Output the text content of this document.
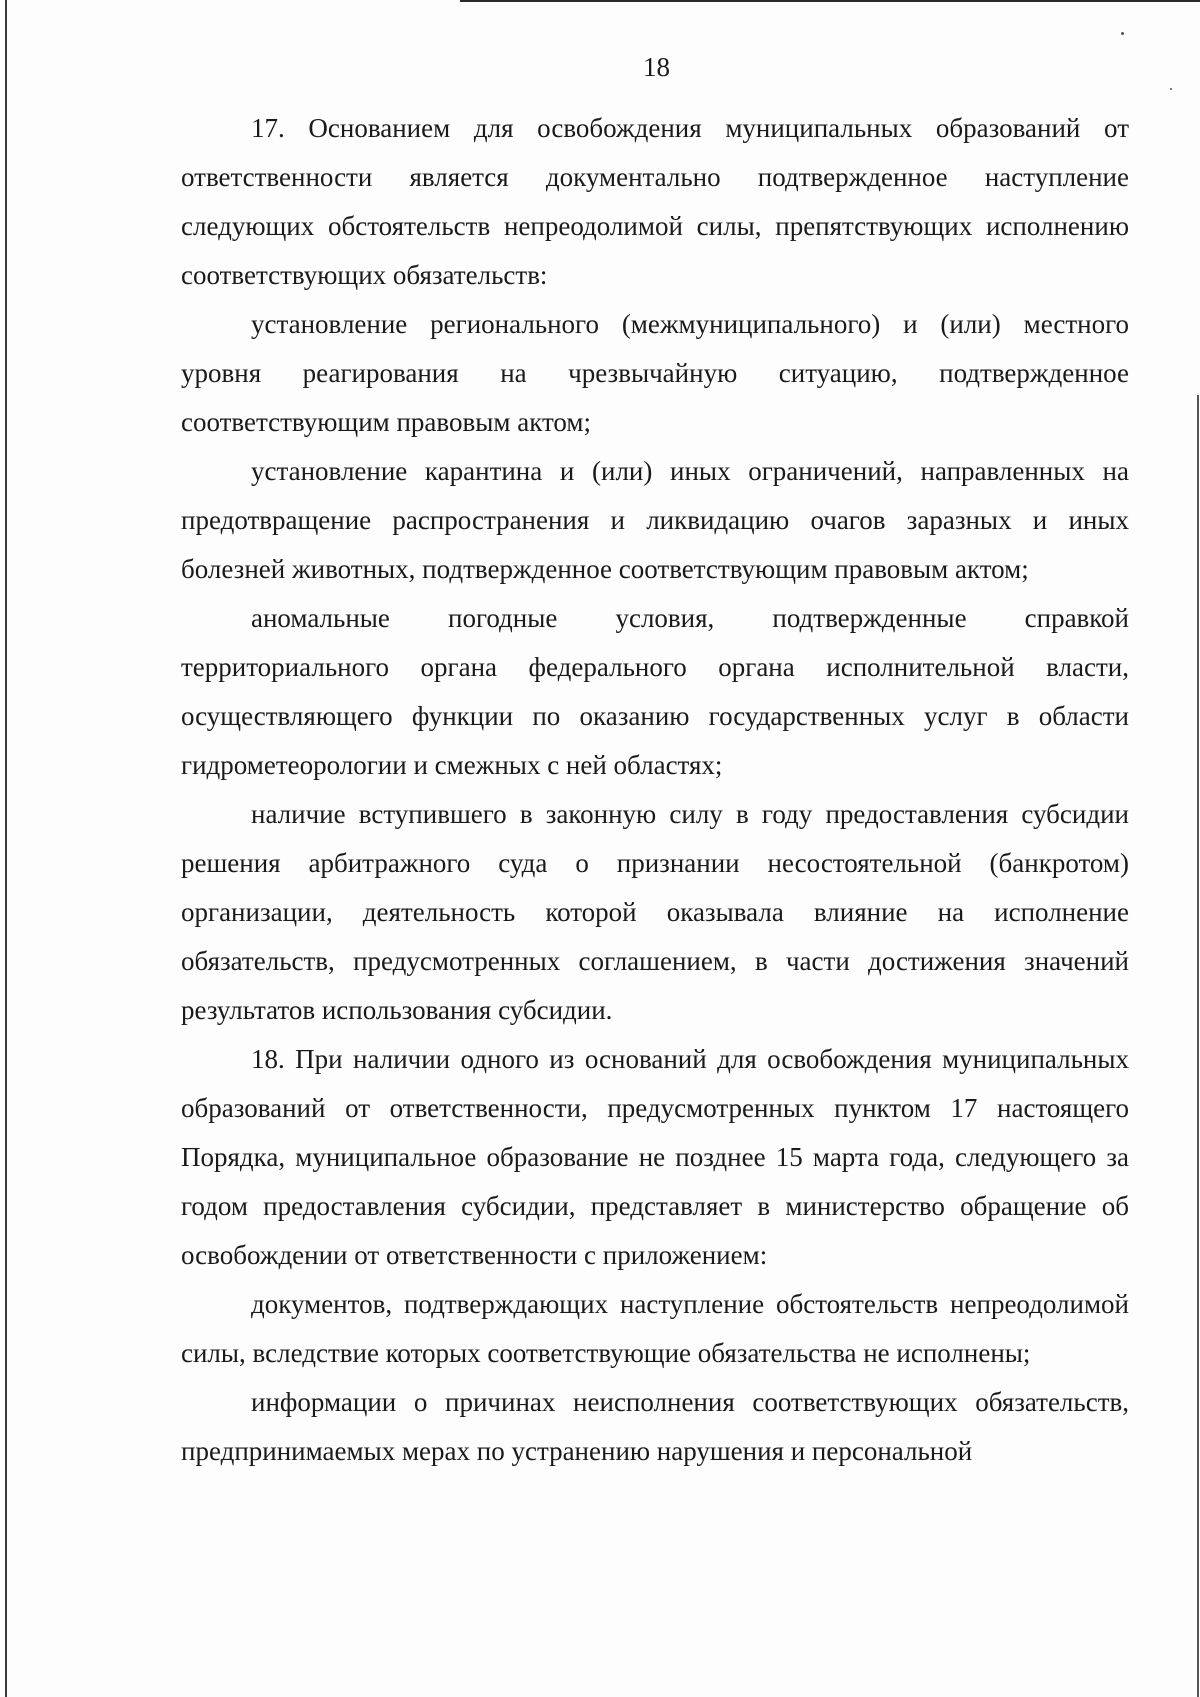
18

17. Основанием для освобождения муниципальных образований от ответственности является документально подтвержденное наступление следующих обстоятельств непреодолимой силы, препятствующих исполнению соответствующих обязательств:

установление регионального (межмуниципального) и (или) местного уровня реагирования на чрезвычайную ситуацию, подтвержденное соответствующим правовым актом;

установление карантина и (или) иных ограничений, направленных на предотвращение распространения и ликвидацию очагов заразных и иных болезней животных, подтвержденное соответствующим правовым актом;

аномальные погодные условия, подтвержденные справкой территориального органа федерального органа исполнительной власти, осуществляющего функции по оказанию государственных услуг в области гидрометеорологии и смежных с ней областях;

наличие вступившего в законную силу в году предоставления субсидии решения арбитражного суда о признании несостоятельной (банкротом) организации, деятельность которой оказывала влияние на исполнение обязательств, предусмотренных соглашением, в части достижения значений результатов использования субсидии.

18. При наличии одного из оснований для освобождения муниципальных образований от ответственности, предусмотренных пунктом 17 настоящего Порядка, муниципальное образование не позднее 15 марта года, следующего за годом предоставления субсидии, представляет в министерство обращение об освобождении от ответственности с приложением:

документов, подтверждающих наступление обстоятельств непреодолимой силы, вследствие которых соответствующие обязательства не исполнены;

информации о причинах неисполнения соответствующих обязательств, предпринимаемых мерах по устранению нарушения и персональной
